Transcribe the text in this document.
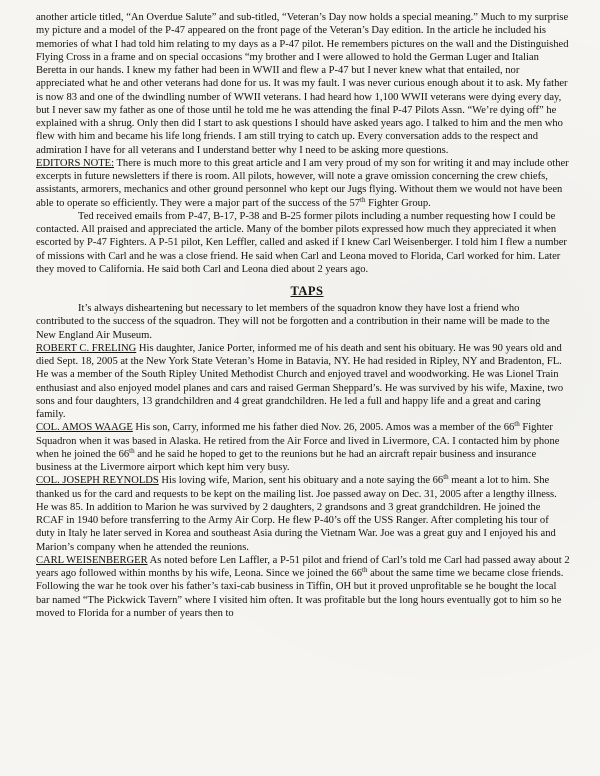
another article titled, “An Overdue Salute” and sub-titled, “Veteran’s Day now holds a special meaning.” Much to my surprise my picture and a model of the P-47 appeared on the front page of the Veteran’s Day edition. In the article he included his memories of what I had told him relating to my days as a P-47 pilot. He remembers pictures on the wall and the Distinguished Flying Cross in a frame and on special occasions “my brother and I were allowed to hold the German Luger and Italian Beretta in our hands. I knew my father had been in WWII and flew a P-47 but I never knew what that entailed, nor appreciated what he and other veterans had done for us. It was my fault. I was never curious enough about it to ask. My father is now 83 and one of the dwindling number of WWII veterans. I had heard how 1,100 WWII veterans were dying every day, but I never saw my father as one of those until he told me he was attending the final P-47 Pilots Assn. “We’re dying off” he explained with a shrug. Only then did I start to ask questions I should have asked years ago. I talked to him and the men who flew with him and became his life long friends. I am still trying to catch up. Every conversation adds to the respect and admiration I have for all veterans and I understand better why I need to be asking more questions.

EDITORS NOTE: There is much more to this great article and I am very proud of my son for writing it and may include other excerpts in future newsletters if there is room. All pilots, however, will note a grave omission concerning the crew chiefs, assistants, armorers, mechanics and other ground personnel who kept our Jugs flying. Without them we would not have been able to operate so efficiently. They were a major part of the success of the 57th Fighter Group.

Ted received emails from P-47, B-17, P-38 and B-25 former pilots including a number requesting how I could be contacted. All praised and appreciated the article. Many of the bomber pilots expressed how much they appreciated it when escorted by P-47 Fighters. A P-51 pilot, Ken Leffler, called and asked if I knew Carl Weisenberger. I told him I flew a number of missions with Carl and he was a close friend. He said when Carl and Leona moved to Florida, Carl worked for him. Later they moved to California. He said both Carl and Leona died about 2 years ago.

TAPS

It’s always disheartening but necessary to let members of the squadron know they have lost a friend who contributed to the success of the squadron. They will not be forgotten and a contribution in their name will be made to the New England Air Museum.

ROBERT C. FRELING His daughter, Janice Porter, informed me of his death and sent his obituary. He was 90 years old and died Sept. 18, 2005 at the New York State Veteran’s Home in Batavia, NY. He had resided in Ripley, NY and Bradenton, FL. He was a member of the South Ripley United Methodist Church and enjoyed travel and woodworking. He was Lionel Train enthusiast and also enjoyed model planes and cars and raised German Sheppard’s. He was survived by his wife, Maxine, two sons and four daughters, 13 grandchildren and 4 great grandchildren. He led a full and happy life and a great and caring family.

COL. AMOS WAAGE His son, Carry, informed me his father died Nov. 26, 2005. Amos was a member of the 66th Fighter Squadron when it was based in Alaska. He retired from the Air Force and lived in Livermore, CA. I contacted him by phone when he joined the 66th and he said he hoped to get to the reunions but he had an aircraft repair business and insurance business at the Livermore airport which kept him very busy.

COL. JOSEPH REYNOLDS His loving wife, Marion, sent his obituary and a note saying the 66th meant a lot to him. She thanked us for the card and requests to be kept on the mailing list. Joe passed away on Dec. 31, 2005 after a lengthy illness. He was 85. In addition to Marion he was survived by 2 daughters, 2 grandsons and 3 great grandchildren. He joined the RCAF in 1940 before transferring to the Army Air Corp. He flew P-40’s off the USS Ranger. After completing his tour of duty in Italy he later served in Korea and southeast Asia during the Vietnam War. Joe was a great guy and I enjoyed his and Marion’s company when he attended the reunions.

CARL WEISENBERGER As noted before Len Laffler, a P-51 pilot and friend of Carl’s told me Carl had passed away about 2 years ago followed within months by his wife, Leona. Since we joined the 66th about the same time we became close friends. Following the war he took over his father’s taxi-cab business in Tiffin, OH but it proved unprofitable se he bought the local bar named “The Pickwick Tavern” where I visited him often. It was profitable but the long hours eventually got to him so he moved to Florida for a number of years then to
